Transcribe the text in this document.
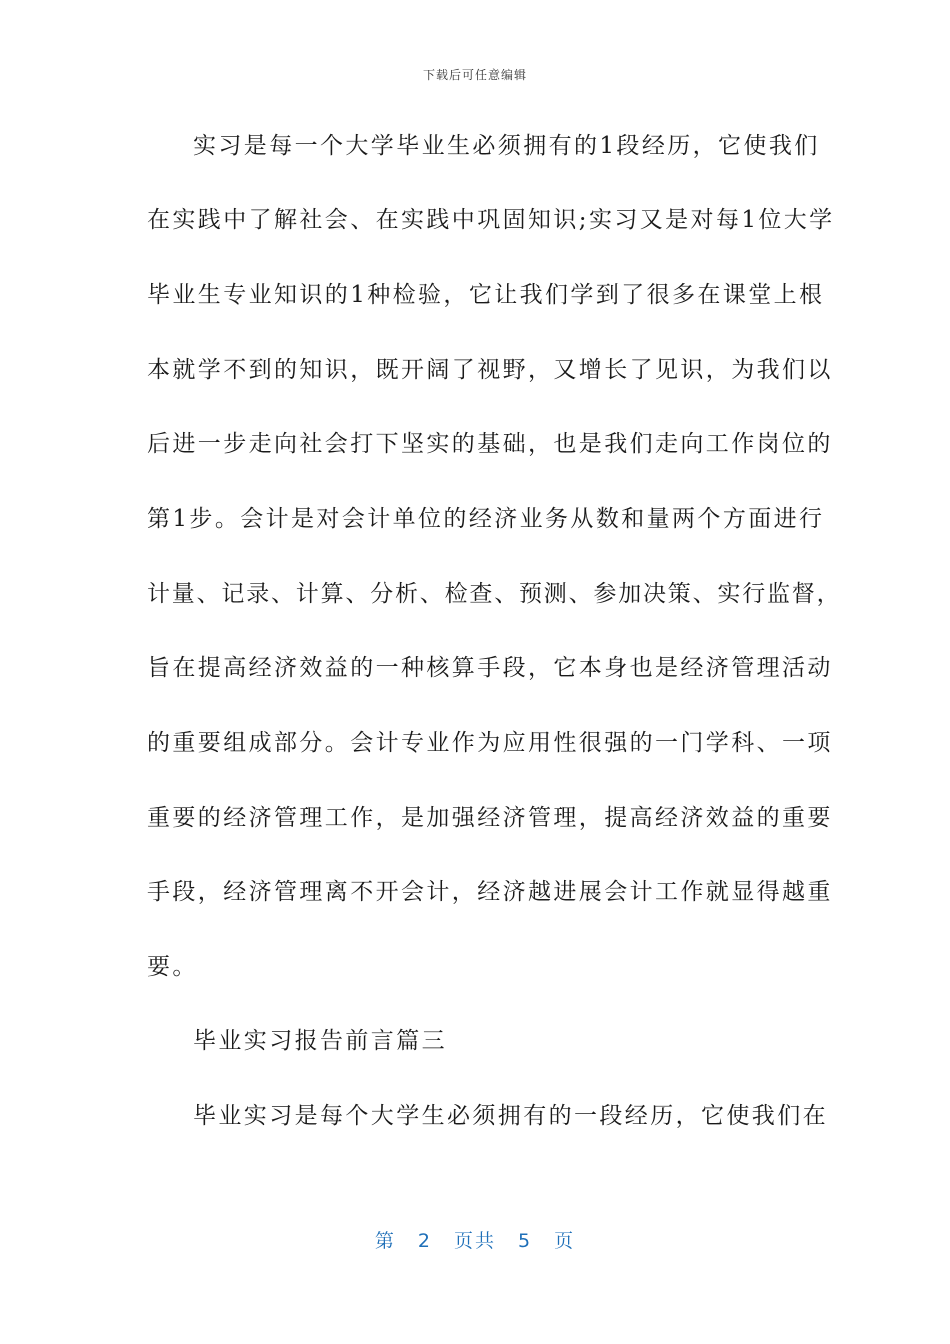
下载后可任意编辑
实习是每一个大学毕业生必须拥有的1段经历，它使我们
在实践中了解社会、在实践中巩固知识;实习又是对每1位大学
毕业生专业知识的1种检验，它让我们学到了很多在课堂上根
本就学不到的知识，既开阔了视野，又增长了见识，为我们以
后进一步走向社会打下坚实的基础，也是我们走向工作岗位的
第1步。会计是对会计单位的经济业务从数和量两个方面进行
计量、记录、计算、分析、检查、预测、参加决策、实行监督，
旨在提高经济效益的一种核算手段，它本身也是经济管理活动
的重要组成部分。会计专业作为应用性很强的一门学科、一项
重要的经济管理工作，是加强经济管理，提高经济效益的重要
手段，经济管理离不开会计，经济越进展会计工作就显得越重
要。
毕业实习报告前言篇三
毕业实习是每个大学生必须拥有的一段经历，它使我们在
第 2 页共 5 页
